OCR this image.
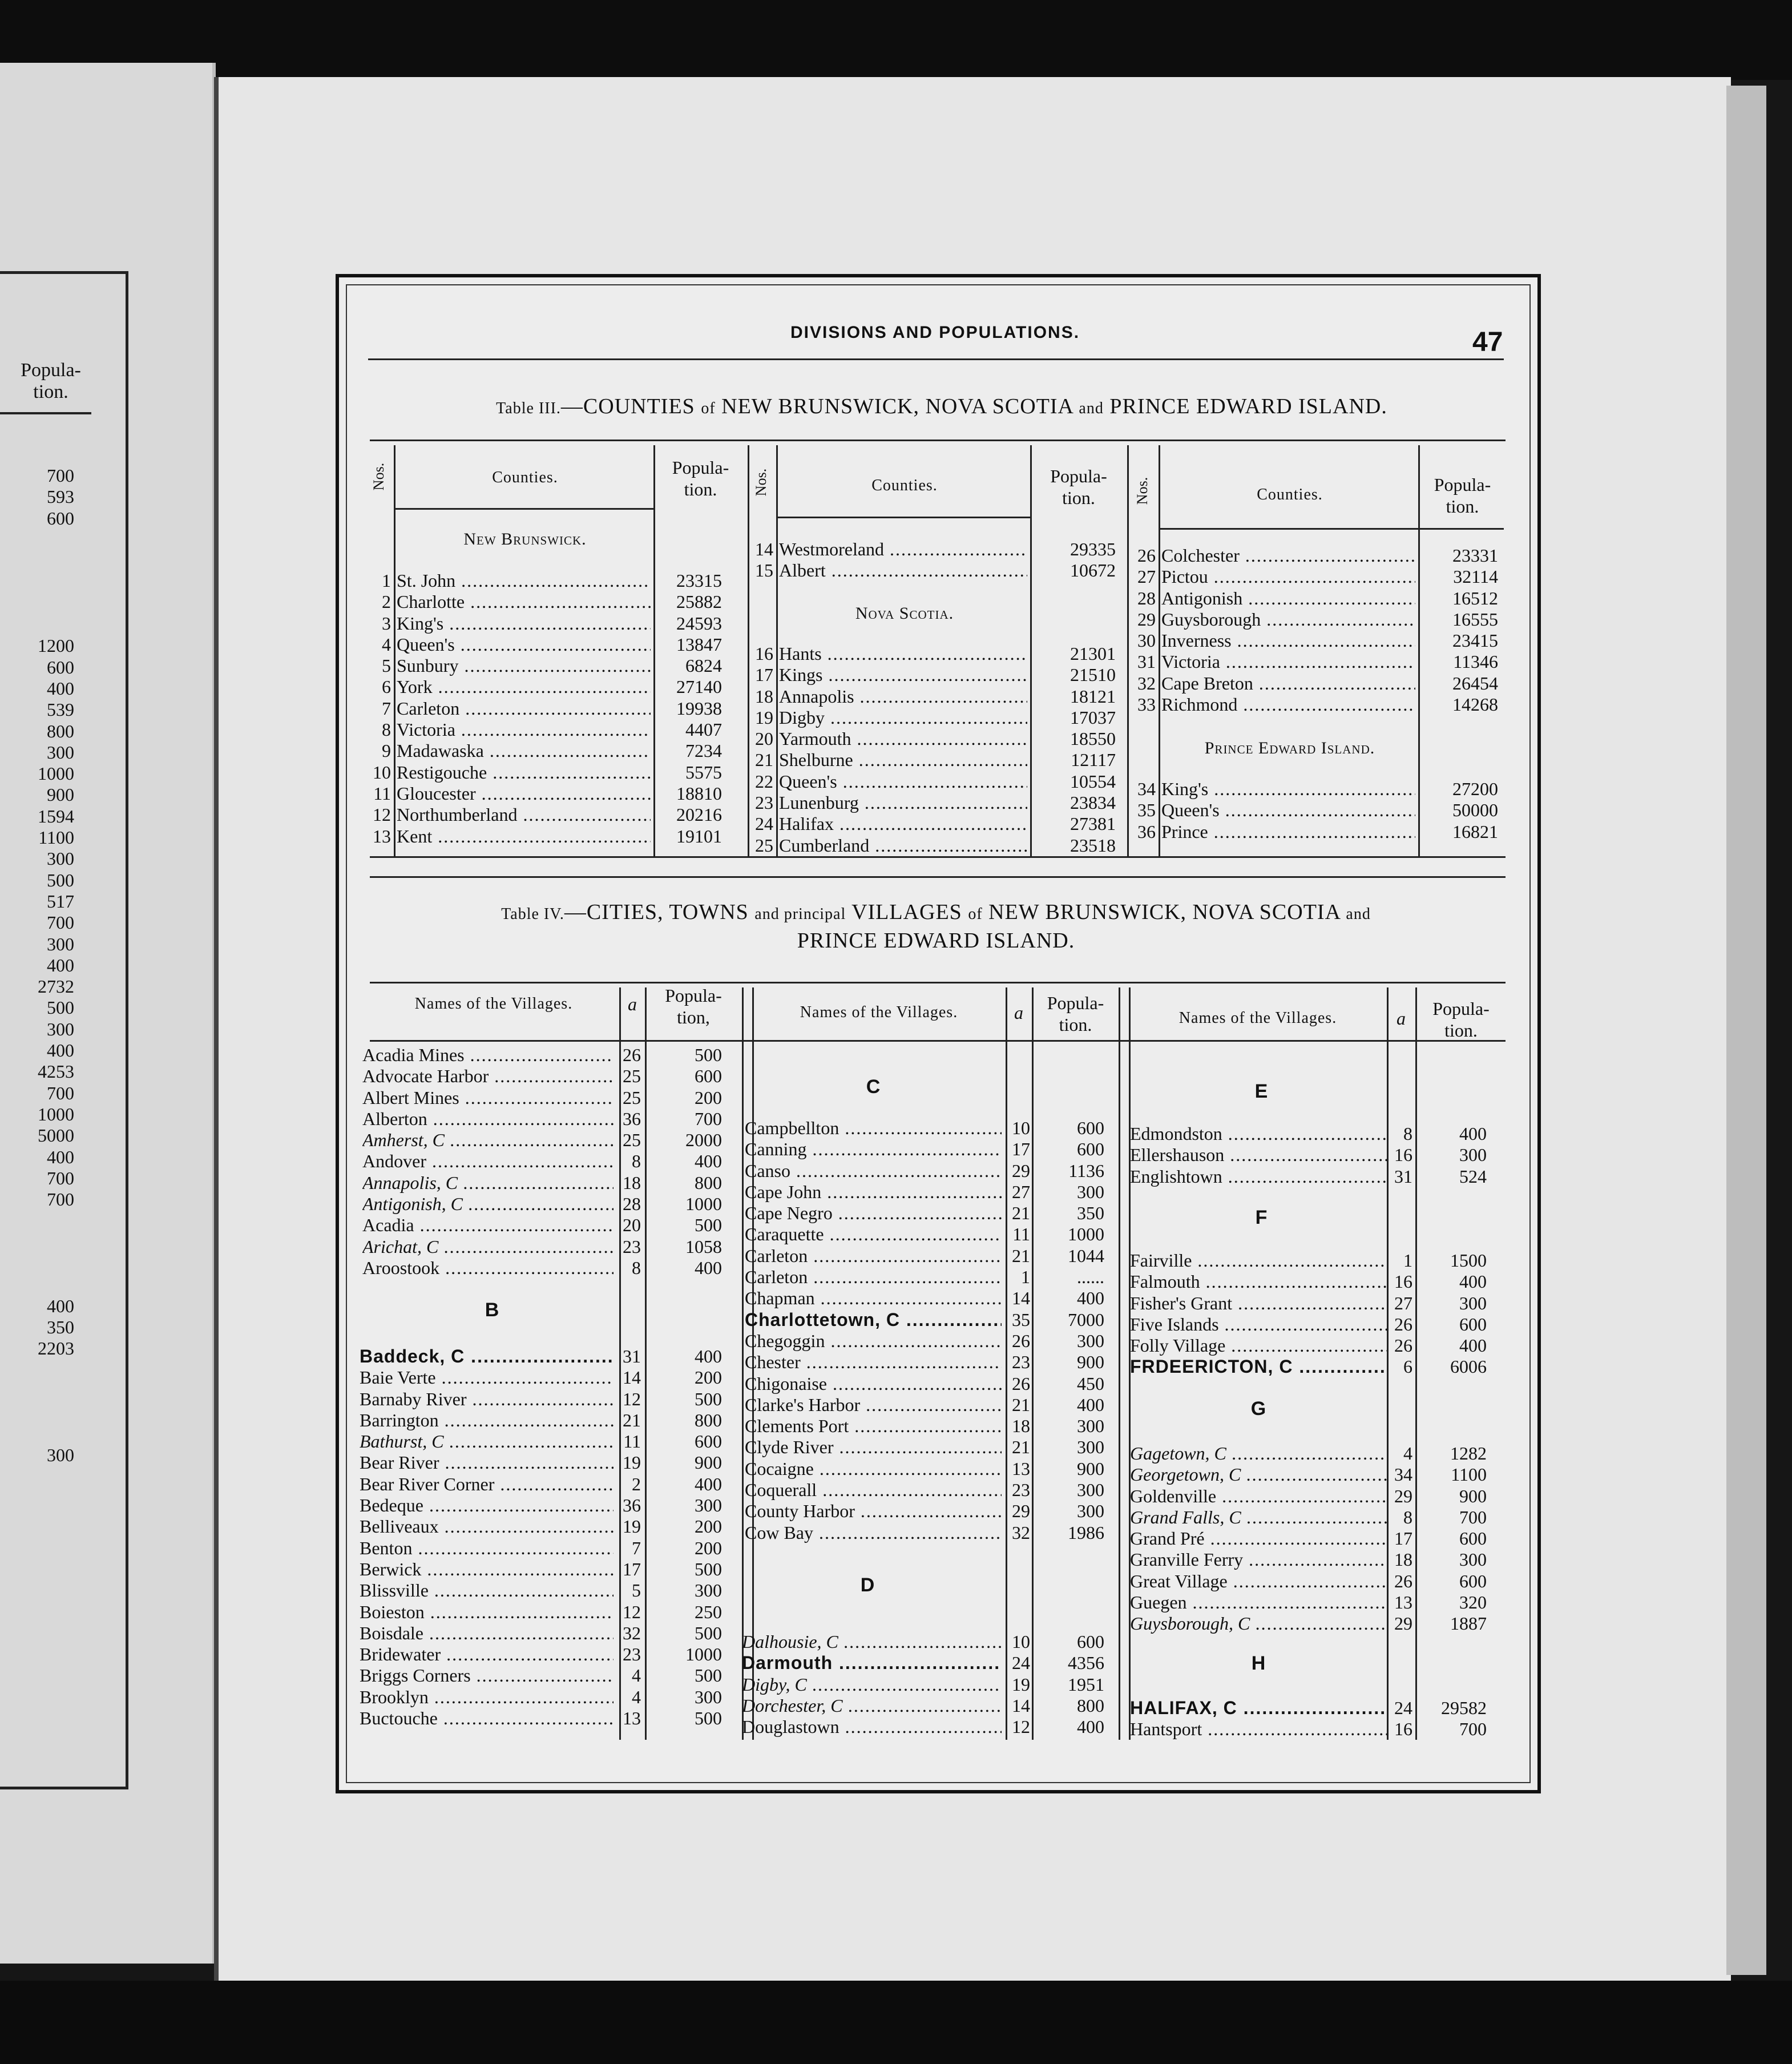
Popula-
tion.
700
593
600
1200
600
400
539
800
300
1000
900
1594
1100
300
500
517
700
300
400
2732
500
300
400
4253
700
1000
5000
400
700
700
400
350
2203
300
DIVISIONS AND POPULATIONS.	47
Table III.—COUNTIES of NEW BRUNSWICK, NOVA SCOTIA and PRINCE EDWARD ISLAND.
Nos.	Counties.	Popula-
tion.	Nos.	Counties.	Popula-
tion.	Nos.	Counties.	Popula-
tion.
New Brunswick.
Nova Scotia.
Prince Edward Island.
1 St. John .....	23315
2 Charlotte .....	25882
3 King's .....	24593
4 Queen's .....	13847
5 Sunbury .....	6824
6 York .....	27140
7 Carleton .....	19938
8 Victoria .....	4407
9 Madawaska .....	7234
10 Restigouche .....	5575
11 Gloucester .....	18810
12 Northumberland .....	20216
13 Kent .....	19101
14 Westmoreland .....	29335
15 Albert .....	10672
16 Hants .....	21301
17 Kings .....	21510
18 Annapolis .....	18121
19 Digby .....	17037
20 Yarmouth .....	18550
21 Shelburne .....	12117
22 Queen's .....	10554
23 Lunenburg .....	23834
24 Halifax .....	27381
25 Cumberland .....	23518
26 Colchester .....	23331
27 Pictou .....	32114
28 Antigonish .....	16512
29 Guysborough .....	16555
30 Inverness .....	23415
31 Victoria .....	11346
32 Cape Breton .....	26454
33 Richmond .....	14268
34 King's .....	27200
35 Queen's .....	50000
36 Prince .....	16821
Table IV.—CITIES, TOWNS and principal VILLAGES of NEW BRUNSWICK, NOVA SCOTIA and
PRINCE EDWARD ISLAND.
Names of the Villages.	a	Popula-
tion,	Names of the Villages.	a	Popula-
tion.	Names of the Villages.	a	Popula-
tion.
B
C
D
E
F
G
H
Acadia Mines .....	26	500
Advocate Harbor .....	25	600
Albert Mines .....	25	200
Alberton .....	36	700
Amherst, C .....	25	2000
Andover .....	8	400
Annapolis, C .....	18	800
Antigonish, C .....	28	1000
Acadia .....	20	500
Arichat, C .....	23	1058
Aroostook .....	8	400
Baddeck, C .....	31	400
Baie Verte .....	14	200
Barnaby River .....	12	500
Barrington .....	21	800
Bathurst, C .....	11	600
Bear River .....	19	900
Bear River Corner .....	2	400
Bedeque .....	36	300
Belliveaux .....	19	200
Benton .....	7	200
Berwick .....	17	500
Blissville .....	5	300
Boieston .....	12	250
Boisdale .....	32	500
Bridewater .....	23	1000
Briggs Corners .....	4	500
Brooklyn .....	4	300
Buctouche .....	13	500
Campbellton .....	10	600
Canning .....	17	600
Canso .....	29	1136
Cape John .....	27	300
Cape Negro .....	21	350
Caraquette .....	11	1000
Carleton .....	21	1044
Carleton .....	1	......
Chapman .....	14	400
Charlottetown, C .....	35	7000
Chegoggin .....	26	300
Chester .....	23	900
Chigonaise .....	26	450
Clarke's Harbor .....	21	400
Clements Port .....	18	300
Clyde River .....	21	300
Cocaigne .....	13	900
Coquerall .....	23	300
County Harbor .....	29	300
Cow Bay .....	32	1986
Dalhousie, C .....	10	600
Darmouth .....	24	4356
Digby, C .....	19	1951
Dorchester, C .....	14	800
Douglastown .....	12	400
Edmondston .....	8	400
Ellershauson .....	16	300
Englishtown .....	31	524
Fairville .....	1	1500
Falmouth .....	16	400
Fisher's Grant .....	27	300
Five Islands .....	26	600
Folly Village .....	26	400
FRDEERICTON, C .....	6	6006
Gagetown, C .....	4	1282
Georgetown, C .....	34	1100
Goldenville .....	29	900
Grand Falls, C .....	8	700
Grand Pré .....	17	600
Granville Ferry .....	18	300
Great Village .....	26	600
Guegen .....	13	320
Guysborough, C .....	29	1887
HALIFAX, C .....	24	29582
Hantsport .....	16	700
